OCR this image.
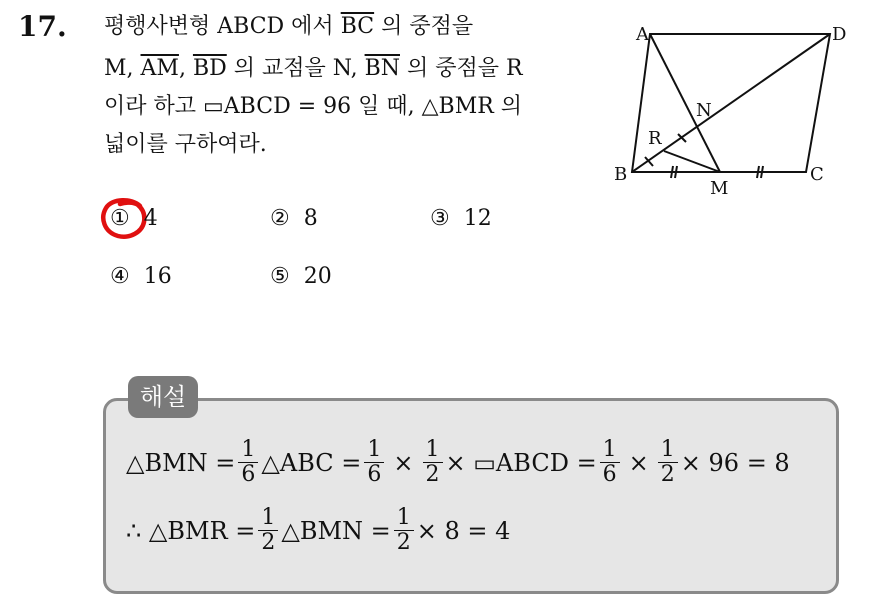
17. 평행사변형 ABCD 에서 $\overline{BC}$ 의 중점을
M, $\overline{AM}$, $\overline{BD}$ 의 교점을 N, $\overline{BN}$ 의 중점을 R
이라 하고 ▭ABCD = 96 일 때, △BMR 의
넓이를 구하여라.
A	D
B	C
M
N
R
① 4	② 8	③ 12
④ 16	⑤ 20
해설
△BMN = $\frac{1}{6}$ △ABC = $\frac{1}{6} \times \frac{1}{2}$ × ▭ABCD = $\frac{1}{6} \times \frac{1}{2} \times 96 = 8$
∴ △BMR = $\frac{1}{2}$ △BMN = $\frac{1}{2} \times 8 = 4$
